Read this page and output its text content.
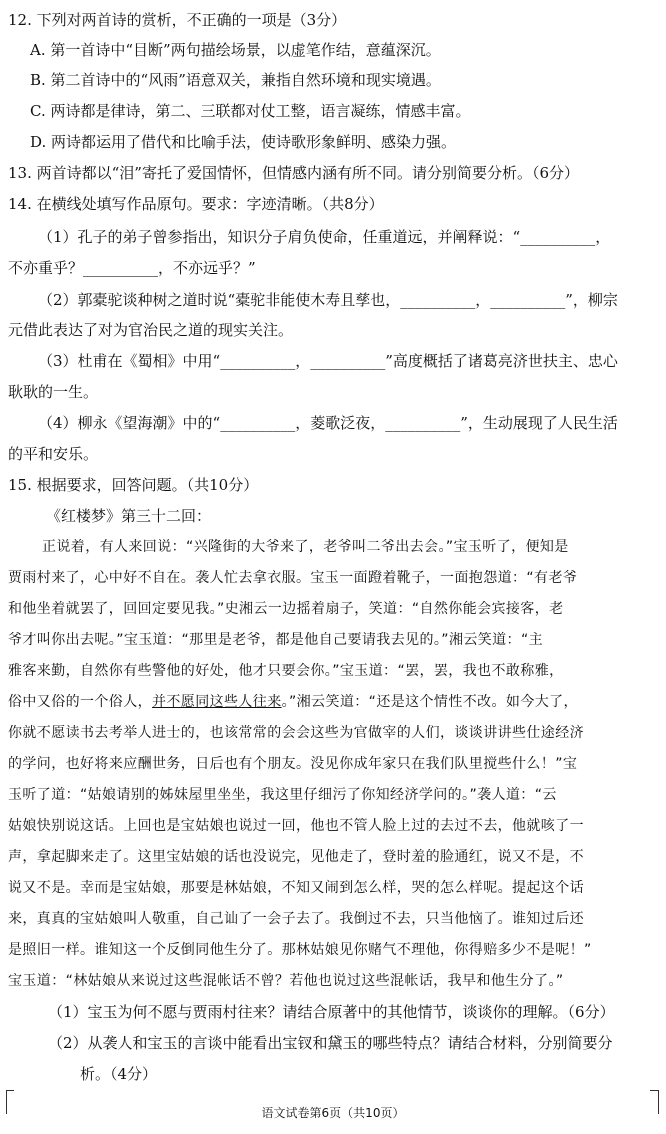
12. 下列对两首诗的赏析，不正确的一项是（3分）
A. 第一首诗中“目断”两句描绘场景，以虚笔作结，意蕴深沉。
B. 第二首诗中的“风雨”语意双关，兼指自然环境和现实境遇。
C. 两诗都是律诗，第二、三联都对仗工整，语言凝练，情感丰富。
D. 两诗都运用了借代和比喻手法，使诗歌形象鲜明、感染力强。
13. 两首诗都以“泪”寄托了爱国情怀，但情感内涵有所不同。请分别简要分析。（6分）
14. 在横线处填写作品原句。要求：字迹清晰。（共8分）
（1）孔子的弟子曾参指出，知识分子肩负使命，任重道远，并阐释说：“__________，
不亦重乎？__________，不亦远乎？”
（2）郭橐驼谈种树之道时说“橐驼非能使木寿且孳也，__________，__________”，柳宗
元借此表达了对为官治民之道的现实关注。
（3）杜甫在《蜀相》中用“__________，__________”高度概括了诸葛亮济世扶主、忠心
耿耿的一生。
（4）柳永《望海潮》中的“__________，菱歌泛夜，__________”，生动展现了人民生活
的平和安乐。
15. 根据要求，回答问题。（共10分）
《红楼梦》第三十二回：
正说着，有人来回说：“兴隆街的大爷来了，老爷叫二爷出去会。”宝玉听了，便知是
贾雨村来了，心中好不自在。袭人忙去拿衣服。宝玉一面蹬着靴子，一面抱怨道：“有老爷
和他坐着就罢了，回回定要见我。”史湘云一边摇着扇子，笑道：“自然你能会宾接客，老
爷才叫你出去呢。”宝玉道：“那里是老爷，都是他自己要请我去见的。”湘云笑道：“主
雅客来勤，自然你有些警他的好处，他才只要会你。”宝玉道：“罢，罢，我也不敢称雅，
俗中又俗的一个俗人，并不愿同这些人往来。”湘云笑道：“还是这个情性不改。如今大了，
你就不愿读书去考举人进士的，也该常常的会会这些为官做宰的人们，谈谈讲讲些仕途经济
的学问，也好将来应酬世务，日后也有个朋友。没见你成年家只在我们队里搅些什么！”宝
玉听了道：“姑娘请别的姊妹屋里坐坐，我这里仔细污了你知经济学问的。”袭人道：“云
姑娘快别说这话。上回也是宝姑娘也说过一回，他也不管人脸上过的去过不去，他就咳了一
声，拿起脚来走了。这里宝姑娘的话也没说完，见他走了，登时羞的脸通红，说又不是，不
说又不是。幸而是宝姑娘，那要是林姑娘，不知又闹到怎么样，哭的怎么样呢。提起这个话
来，真真的宝姑娘叫人敬重，自己讪了一会子去了。我倒过不去，只当他恼了。谁知过后还
是照旧一样。谁知这一个反倒同他生分了。那林姑娘见你赌气不理他，你得赔多少不是呢！”
宝玉道：“林姑娘从来说过这些混帐话不曾？若他也说过这些混帐话，我早和他生分了。”
（1）宝玉为何不愿与贾雨村往来？请结合原著中的其他情节，谈谈你的理解。（6分）
（2）从袭人和宝玉的言谈中能看出宝钗和黛玉的哪些特点？请结合材料，分别简要分
析。（4分）
语文试卷第6页（共10页）
